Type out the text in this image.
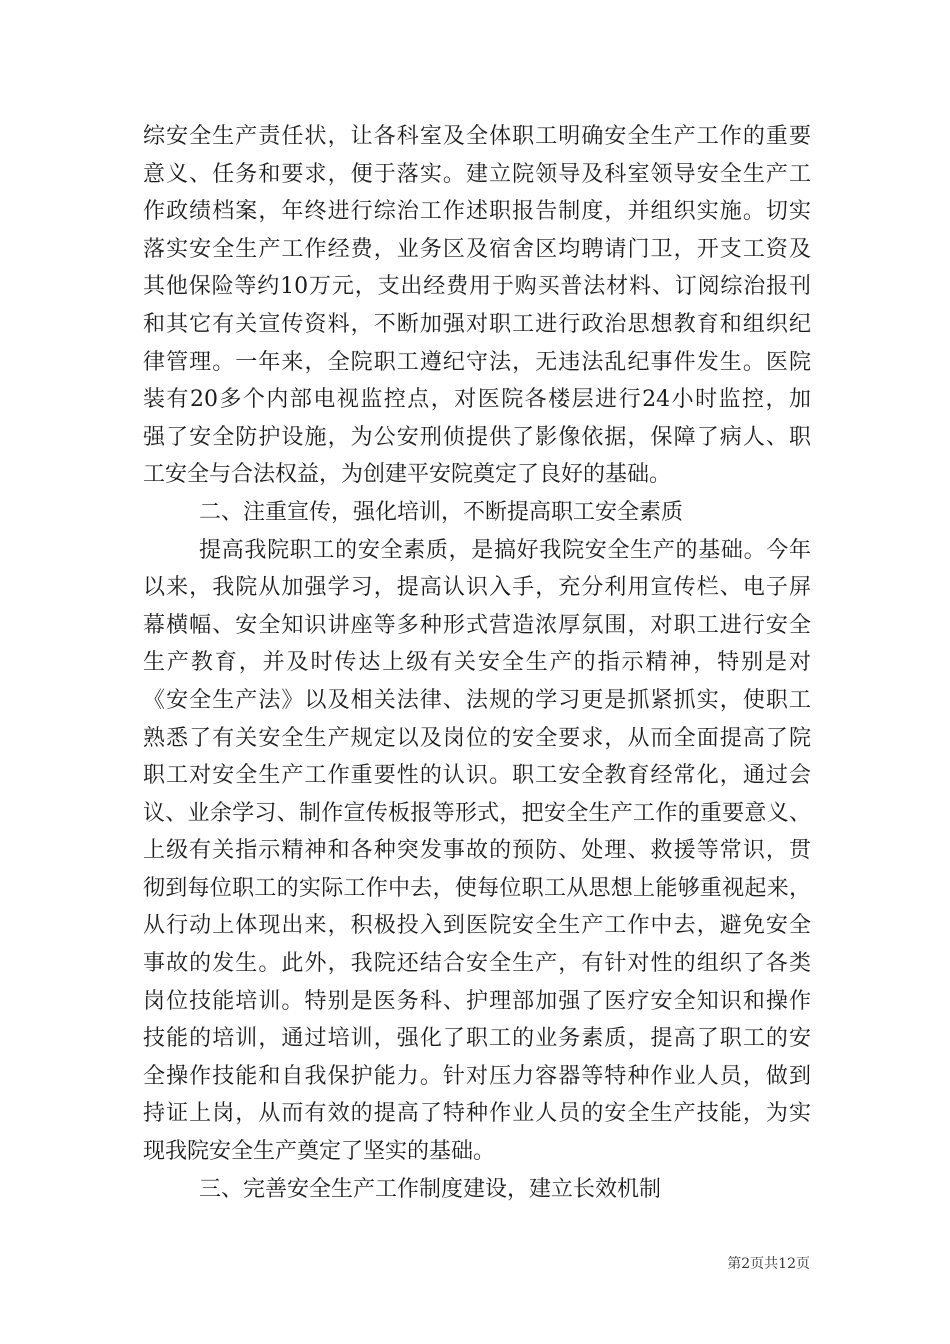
综安全生产责任状，让各科室及全体职工明确安全生产工作的重要
意义、任务和要求，便于落实。建立院领导及科室领导安全生产工
作政绩档案，年终进行综治工作述职报告制度，并组织实施。切实
落实安全生产工作经费，业务区及宿舍区均聘请门卫，开支工资及
其他保险等约10万元，支出经费用于购买普法材料、订阅综治报刊
和其它有关宣传资料，不断加强对职工进行政治思想教育和组织纪
律管理。一年来，全院职工遵纪守法，无违法乱纪事件发生。医院
装有20多个内部电视监控点，对医院各楼层进行24小时监控，加
强了安全防护设施，为公安刑侦提供了影像依据，保障了病人、职
工安全与合法权益，为创建平安院奠定了良好的基础。
二、注重宣传，强化培训，不断提高职工安全素质
提高我院职工的安全素质，是搞好我院安全生产的基础。今年
以来，我院从加强学习，提高认识入手，充分利用宣传栏、电子屏
幕横幅、安全知识讲座等多种形式营造浓厚氛围，对职工进行安全
生产教育，并及时传达上级有关安全生产的指示精神，特别是对
《安全生产法》以及相关法律、法规的学习更是抓紧抓实，使职工
熟悉了有关安全生产规定以及岗位的安全要求，从而全面提高了院
职工对安全生产工作重要性的认识。职工安全教育经常化，通过会
议、业余学习、制作宣传板报等形式，把安全生产工作的重要意义、
上级有关指示精神和各种突发事故的预防、处理、救援等常识，贯
彻到每位职工的实际工作中去，使每位职工从思想上能够重视起来，
从行动上体现出来，积极投入到医院安全生产工作中去，避免安全
事故的发生。此外，我院还结合安全生产，有针对性的组织了各类
岗位技能培训。特别是医务科、护理部加强了医疗安全知识和操作
技能的培训，通过培训，强化了职工的业务素质，提高了职工的安
全操作技能和自我保护能力。针对压力容器等特种作业人员，做到
持证上岗，从而有效的提高了特种作业人员的安全生产技能，为实
现我院安全生产奠定了坚实的基础。
三、完善安全生产工作制度建设，建立长效机制
第2页共12页
